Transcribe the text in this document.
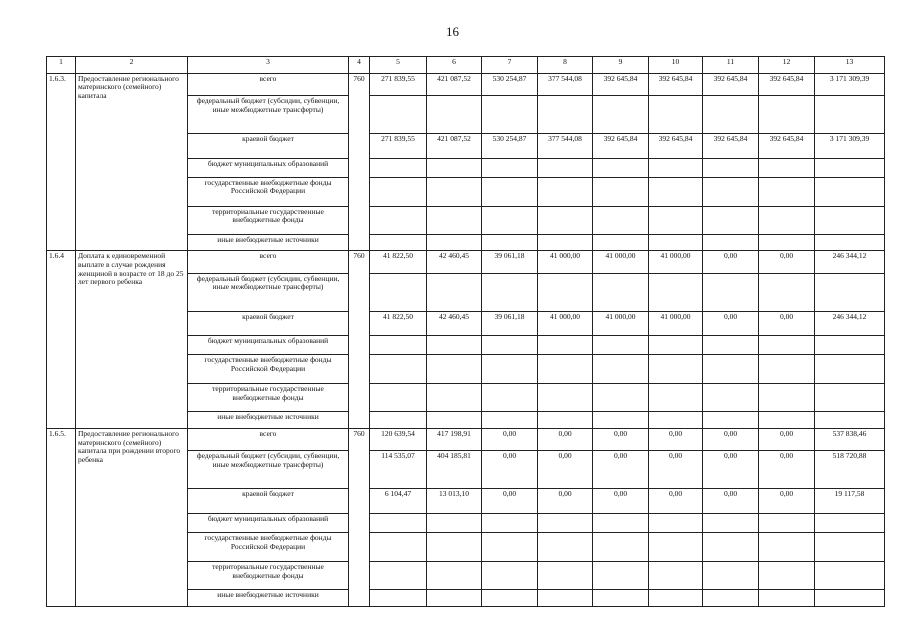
16
1	2	3	4	5	6	7	8	9	10	11	12	13
1.6.3.	Предоставление регионального материнского (семейного) капитала	всего	760	271 839,55	421 087,52	530 254,87	377 544,08	392 645,84	392 645,84	392 645,84	392 645,84	3 171 309,39
		федеральный бюджет (субсидии, субвенции, иные межбюджетные трансферты)										
		краевой бюджет		271 839,55	421 087,52	530 254,87	377 544,08	392 645,84	392 645,84	392 645,84	392 645,84	3 171 309,39
		бюджет муниципальных образований										
		государственные внебюджетные фонды Российской Федерации										
		территориальные государственные внебюджетные фонды										
		иные внебюджетные источники										
1.6.4	Доплата к единовременной выплате в случае рождения женщиной в возрасте от 18 до 25 лет первого ребенка	всего	760	41 822,50	42 460,45	39 061,18	41 000,00	41 000,00	41 000,00	0,00	0,00	246 344,12
		федеральный бюджет (субсидии, субвенции, иные межбюджетные трансферты)										
		краевой бюджет		41 822,50	42 460,45	39 061,18	41 000,00	41 000,00	41 000,00	0,00	0,00	246 344,12
		бюджет муниципальных образований										
		государственные внебюджетные фонды Российской Федерации										
		территориальные государственные внебюджетные фонды										
		иные внебюджетные источники										
1.6.5.	Предоставление регионального материнского (семейного) капитала при рождении второго ребенка	всего	760	120 639,54	417 198,91	0,00	0,00	0,00	0,00	0,00	0,00	537 838,46
		федеральный бюджет (субсидии, субвенции, иные межбюджетные трансферты)		114 535,07	404 185,81	0,00	0,00	0,00	0,00	0,00	0,00	518 720,88
		краевой бюджет		6 104,47	13 013,10	0,00	0,00	0,00	0,00	0,00	0,00	19 117,58
		бюджет муниципальных образований										
		государственные внебюджетные фонды Российской Федерации										
		территориальные государственные внебюджетные фонды										
		иные внебюджетные источники										
